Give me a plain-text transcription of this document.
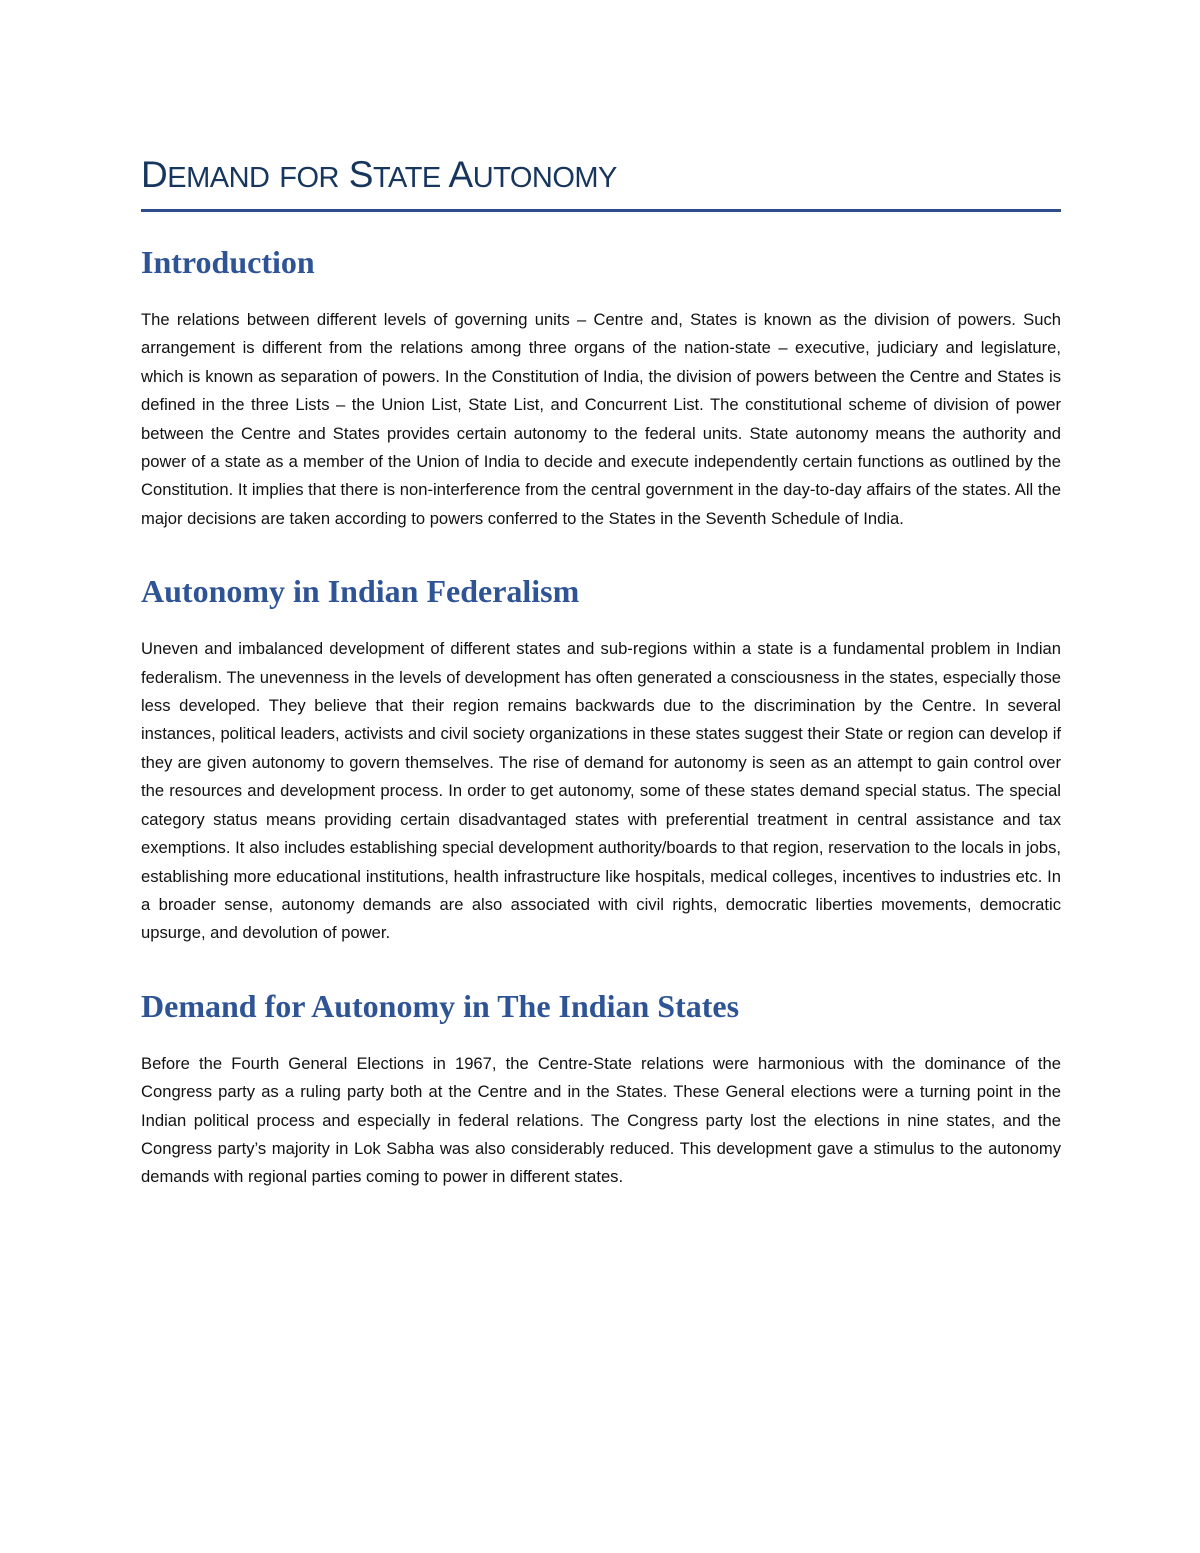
DEMAND FOR STATE AUTONOMY
Introduction

The relations between different levels of governing units – Centre and, States is known as the division of powers. Such arrangement is different from the relations among three organs of the nation-state – executive, judiciary and legislature, which is known as separation of powers. In the Constitution of India, the division of powers between the Centre and States is defined in the three Lists – the Union List, State List, and Concurrent List. The constitutional scheme of division of power between the Centre and States provides certain autonomy to the federal units. State autonomy means the authority and power of a state as a member of the Union of India to decide and execute independently certain functions as outlined by the Constitution. It implies that there is non-interference from the central government in the day-to-day affairs of the states. All the major decisions are taken according to powers conferred to the States in the Seventh Schedule of India.

Autonomy in Indian Federalism

Uneven and imbalanced development of different states and sub-regions within a state is a fundamental problem in Indian federalism. The unevenness in the levels of development has often generated a consciousness in the states, especially those less developed. They believe that their region remains backwards due to the discrimination by the Centre. In several instances, political leaders, activists and civil society organizations in these states suggest their State or region can develop if they are given autonomy to govern themselves. The rise of demand for autonomy is seen as an attempt to gain control over the resources and development process. In order to get autonomy, some of these states demand special status. The special category status means providing certain disadvantaged states with preferential treatment in central assistance and tax exemptions. It also includes establishing special development authority/boards to that region, reservation to the locals in jobs, establishing more educational institutions, health infrastructure like hospitals, medical colleges, incentives to industries etc. In a broader sense, autonomy demands are also associated with civil rights, democratic liberties movements, democratic upsurge, and devolution of power.

Demand for Autonomy in The Indian States

Before the Fourth General Elections in 1967, the Centre-State relations were harmonious with the dominance of the Congress party as a ruling party both at the Centre and in the States. These General elections were a turning point in the Indian political process and especially in federal relations. The Congress party lost the elections in nine states, and the Congress party’s majority in Lok Sabha was also considerably reduced. This development gave a stimulus to the autonomy demands with regional parties coming to power in different states.
